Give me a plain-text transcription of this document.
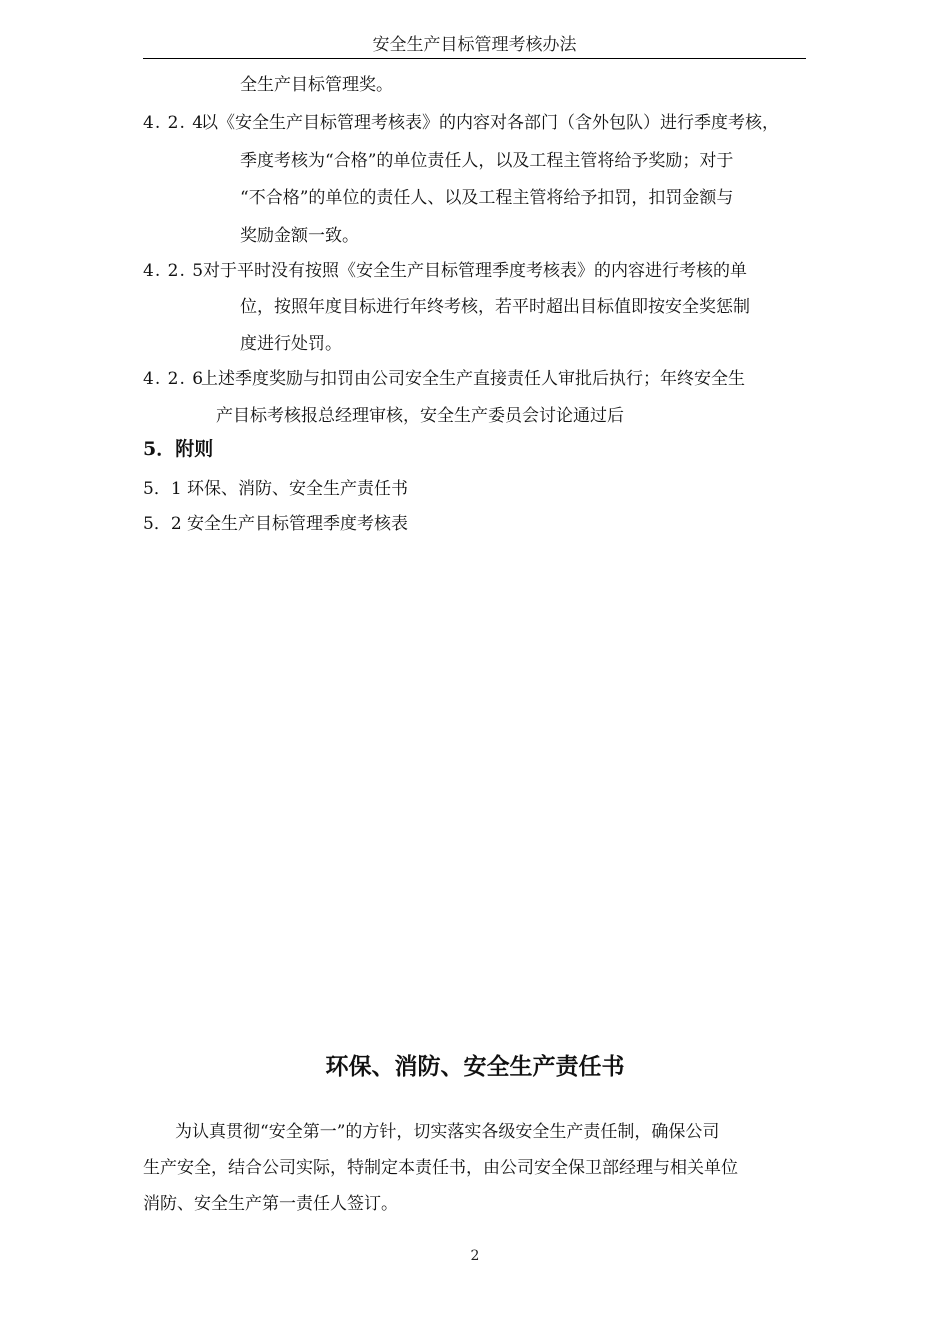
安全生产目标管理考核办法
全生产目标管理奖。
4. 2. 4
以《安全生产目标管理考核表》的内容对各部门（含外包队）进行季度考核，
季度考核为“合格”的单位责任人，以及工程主管将给予奖励；对于
“不合格”的单位的责任人、以及工程主管将给予扣罚，扣罚金额与
奖励金额一致。
4. 2. 5
对于平时没有按照《安全生产目标管理季度考核表》的内容进行考核的单
位，按照年度目标进行年终考核，若平时超出目标值即按安全奖惩制
度进行处罚。
4. 2. 6
上述季度奖励与扣罚由公司安全生产直接责任人审批后执行；年终安全生
产目标考核报总经理审核，安全生产委员会讨论通过后
5．附则
5．1 环保、消防、安全生产责任书
5．2 安全生产目标管理季度考核表
环保、消防、安全生产责任书
为认真贯彻“安全第一”的方针，切实落实各级安全生产责任制，确保公司
生产安全，结合公司实际，特制定本责任书，由公司安全保卫部经理与相关单位
消防、安全生产第一责任人签订。
2
